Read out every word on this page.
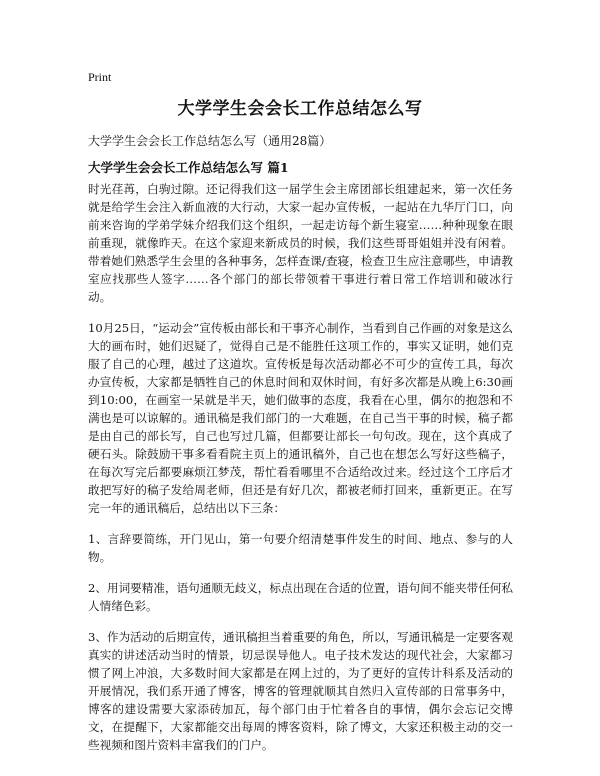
Print
大学学生会会长工作总结怎么写
大学学生会会长工作总结怎么写（通用28篇）
大学学生会会长工作总结怎么写 篇1

时光荏苒，白驹过隙。还记得我们这一届学生会主席团部长组建起来，第一次任务就是给学生会注入新血液的大行动，大家一起办宣传板，一起站在九华厅门口，向前来咨询的学弟学妹介绍我们这个组织，一起走访每个新生寝室……种种现象在眼前重现，就像昨天。在这个家迎来新成员的时候，我们这些哥哥姐姐并没有闲着。带着她们熟悉学生会里的各种事务，怎样查课/查寝，检查卫生应注意哪些，申请教室应找那些人签字……各个部门的部长带领着干事进行着日常工作培训和破冰行动。

10月25日，“运动会”宣传板由部长和干事齐心制作，当看到自己作画的对象是这么大的画布时，她们迟疑了，觉得自己是不能胜任这项工作的，事实又证明，她们克服了自己的心理，越过了这道坎。宣传板是每次活动都必不可少的宣传工具，每次办宣传板，大家都是牺牲自己的休息时间和双休时间，有好多次都是从晚上6:30画到10:00，在画室一呆就是半天，她们做事的态度，我看在心里，偶尔的抱怨和不满也是可以谅解的。通讯稿是我们部门的一大难题，在自己当干事的时候，稿子都是由自己的部长写，自己也写过几篇，但都要让部长一句句改。现在，这个真成了硬石头。除鼓励干事多看看院主页上的通讯稿外，自己也在想怎么写好这些稿子，在每次写完后都要麻烦江梦茂，帮忙看看哪里不合适给改过来。经过这个工序后才敢把写好的稿子发给周老师，但还是有好几次，都被老师打回来，重新更正。在写完一年的通讯稿后，总结出以下三条：

1、言辞要简练，开门见山，第一句要介绍清楚事件发生的时间、地点、参与的人物。

2、用词要精准，语句通顺无歧义，标点出现在合适的位置，语句间不能夹带任何私人情绪色彩。

3、作为活动的后期宣传，通讯稿担当着重要的角色，所以，写通讯稿是一定要客观真实的讲述活动当时的情景，切忌误导他人。电子技术发达的现代社会，大家都习惯了网上冲浪，大多数时间大家都是在网上过的，为了更好的宣传计科系及活动的开展情况，我们系开通了博客，博客的管理就顺其自然归入宣传部的日常事务中，博客的建设需要大家添砖加瓦，每个部门由于忙着各自的事情，偶尔会忘记交博文，在提醒下，大家都能交出每周的博客资料，除了博文，大家还积极主动的交一些视频和图片资料丰富我们的门户。
